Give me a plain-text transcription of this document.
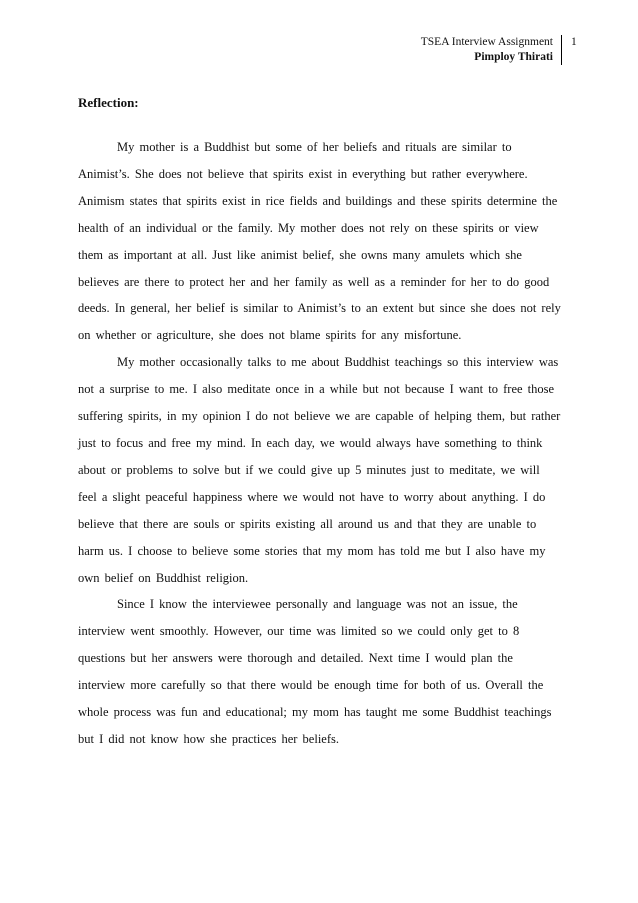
TSEA Interview Assignment
Pimploy Thirati
1
Reflection:

My mother is a Buddhist but some of her beliefs and rituals are similar to Animist’s. She does not believe that spirits exist in everything but rather everywhere. Animism states that spirits exist in rice fields and buildings and these spirits determine the health of an individual or the family. My mother does not rely on these spirits or view them as important at all. Just like animist belief, she owns many amulets which she believes are there to protect her and her family as well as a reminder for her to do good deeds. In general, her belief is similar to Animist’s to an extent but since she does not rely on whether or agriculture, she does not blame spirits for any misfortune.

My mother occasionally talks to me about Buddhist teachings so this interview was not a surprise to me. I also meditate once in a while but not because I want to free those suffering spirits, in my opinion I do not believe we are capable of helping them, but rather just to focus and free my mind. In each day, we would always have something to think about or problems to solve but if we could give up 5 minutes just to meditate, we will feel a slight peaceful happiness where we would not have to worry about anything. I do believe that there are souls or spirits existing all around us and that they are unable to harm us. I choose to believe some stories that my mom has told me but I also have my own belief on Buddhist religion.

Since I know the interviewee personally and language was not an issue, the interview went smoothly. However, our time was limited so we could only get to 8 questions but her answers were thorough and detailed. Next time I would plan the interview more carefully so that there would be enough time for both of us. Overall the whole process was fun and educational; my mom has taught me some Buddhist teachings but I did not know how she practices her beliefs.
